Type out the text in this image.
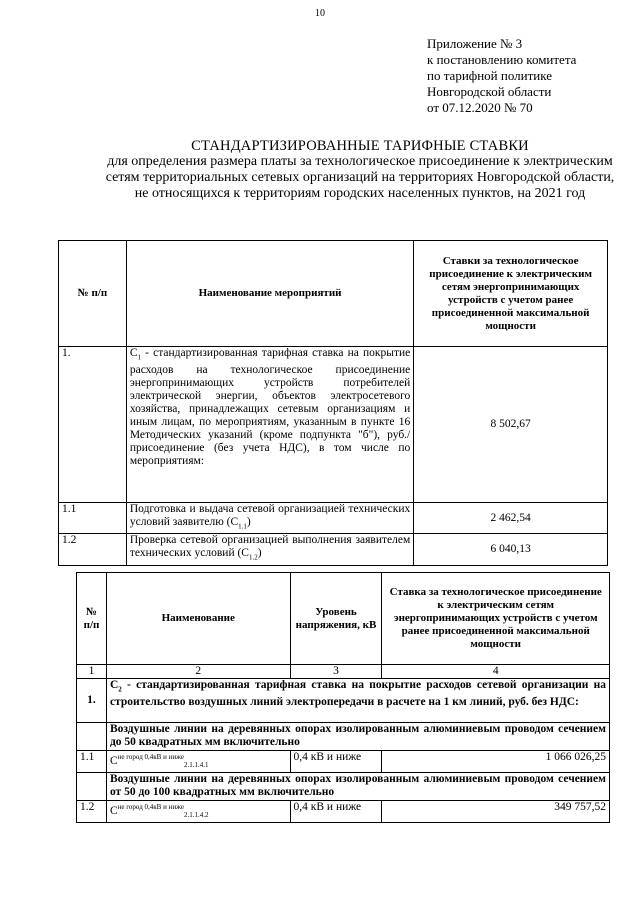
10
Приложение № 3
к постановлению комитета
по тарифной политике
Новгородской области
от 07.12.2020 № 70
СТАНДАРТИЗИРОВАННЫЕ ТАРИФНЫЕ СТАВКИ
для определения размера платы за технологическое присоединение к электрическим сетям территориальных сетевых организаций на территориях Новгородской области, не относящихся к территориям городских населенных пунктов, на 2021 год
№ п/п	Наименование мероприятий	Ставки за технологическое присоединение к электрическим сетям энергопринимающих устройств с учетом ранее присоединенной максимальной мощности
1.	$С_1$ - стандартизированная тарифная ставка на покрытие расходов на технологическое присоединение энергопринимающих устройств потребителей электрической энергии, объектов электросетевого хозяйства, принадлежащих сетевым организациям и иным лицам, по мероприятиям, указанным в пункте 16 Методических указаний (кроме подпункта "б"), руб./присоединение (без учета НДС), в том числе по мероприятиям:	8 502,67
1.1	Подготовка и выдача сетевой организацией технических условий заявителю $(С_{1.1})$	2 462,54
1.2	Проверка сетевой организацией выполнения заявителем технических условий $(С_{1.2})$	6 040,13
№ п/п	Наименование	Уровень напряжения, кВ	Ставка за технологическое присоединение к электрическим сетям энергопринимающих устройств с учетом ранее присоединенной максимальной мощности
1	2	3	4
1.	$С_2$ - стандартизированная тарифная ставка на покрытие расходов сетевой организации на строительство воздушных линий электропередачи в расчете на 1 км линий, руб. без НДС:		
	Воздушные линии на деревянных опорах изолированным алюминиевым проводом сечением до 50 квадратных мм включительно		
1.1	$С^{не город 0,4кВ и ниже}_{2.1.1.4.1}$	0,4 кВ и ниже	1 066 026,25
	Воздушные линии на деревянных опорах изолированным алюминиевым проводом сечением от 50 до 100 квадратных мм включительно		
1.2	$С^{не город 0,4кВ и ниже}_{2.1.1.4.2}$	0,4 кВ и ниже	349 757,52
